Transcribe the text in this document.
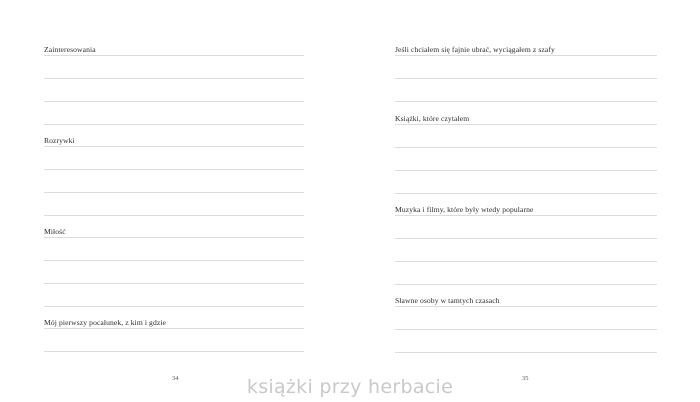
Zainteresowania
Rozrywki
Miłość
Mój pierwszy pocałunek, z kim i gdzie
34
Jeśli chciałem się fajnie ubrać, wyciągałem z szafy
Książki, które czytałem
Muzyka i filmy, które były wtedy popularne
Sławne osoby w tamtych czasach
35
książki przy herbacie
